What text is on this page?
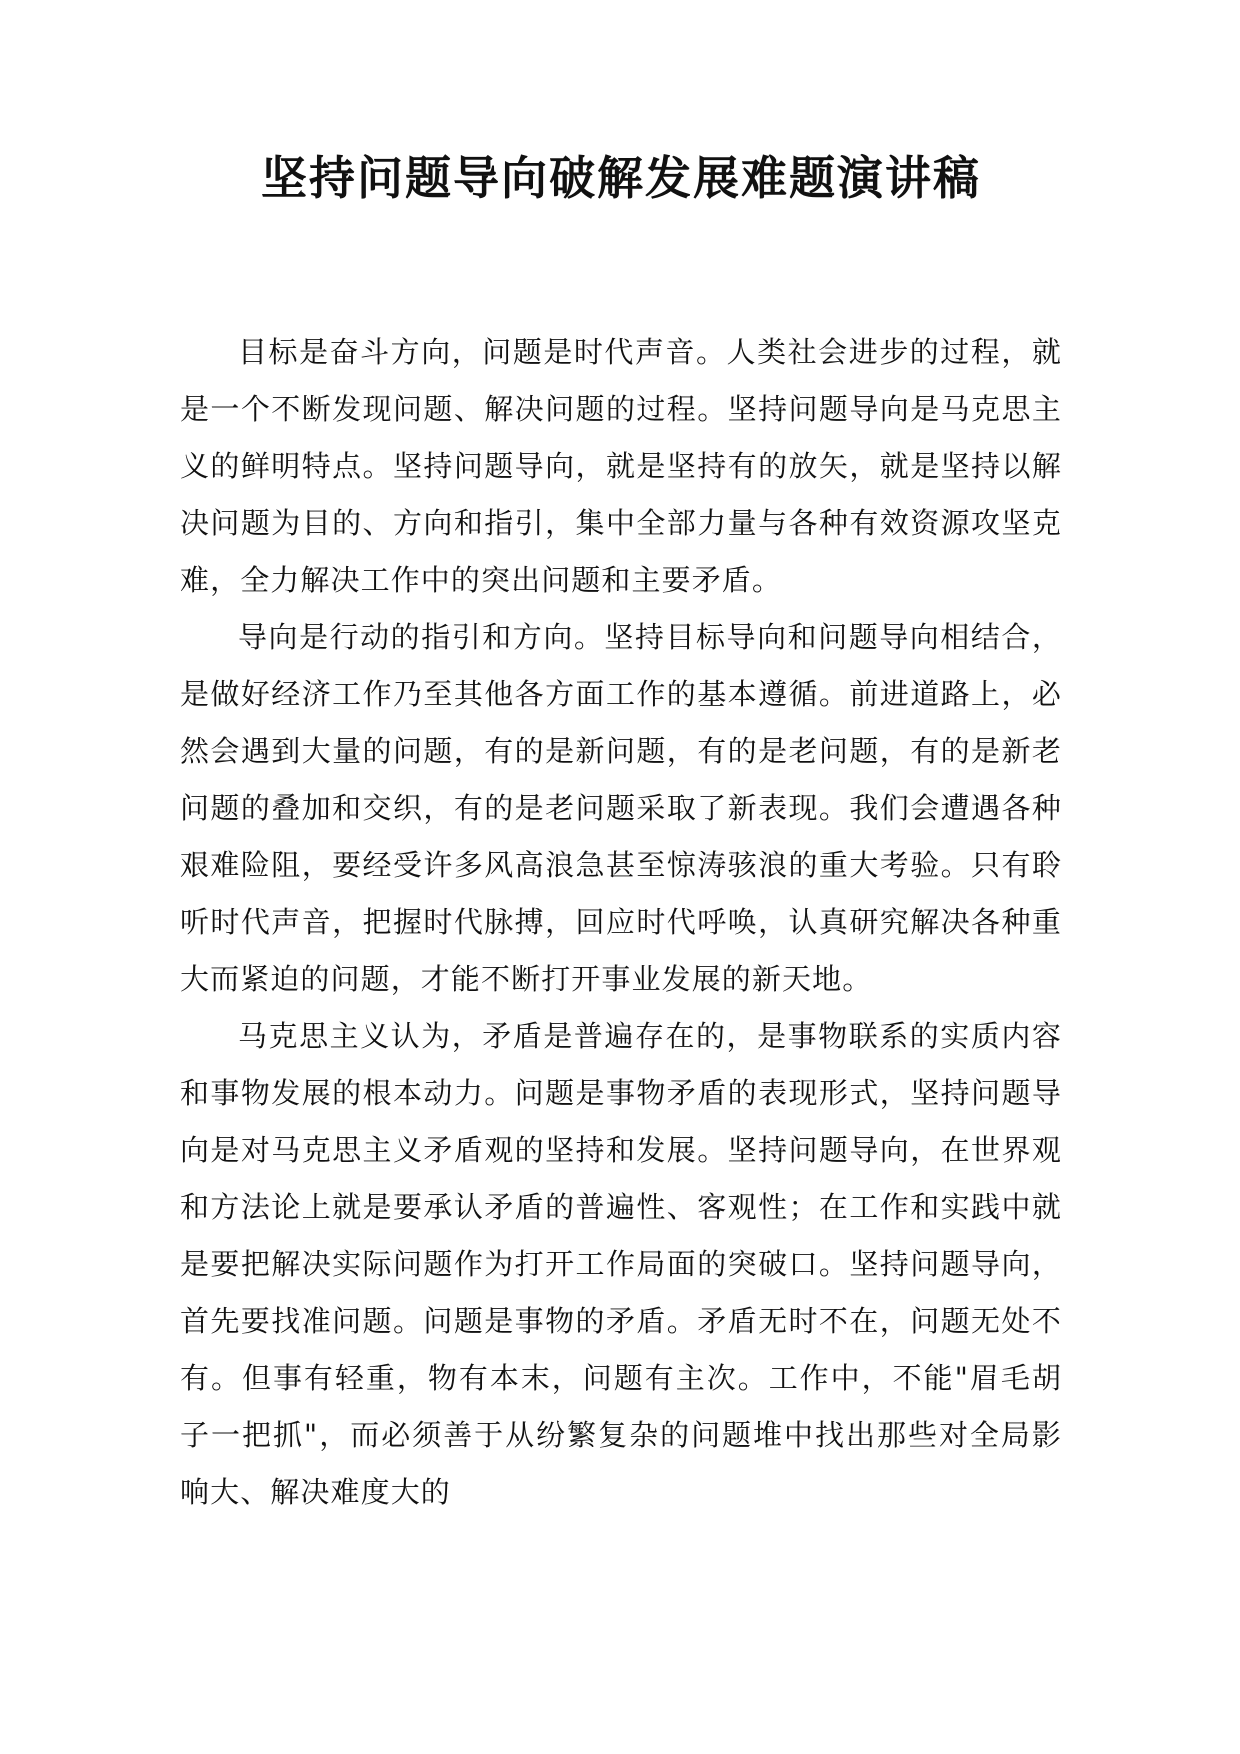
坚持问题导向破解发展难题演讲稿

目标是奋斗方向，问题是时代声音。人类社会进步的过程，就是一个不断发现问题、解决问题的过程。坚持问题导向是马克思主义的鲜明特点。坚持问题导向，就是坚持有的放矢，就是坚持以解决问题为目的、方向和指引，集中全部力量与各种有效资源攻坚克难，全力解决工作中的突出问题和主要矛盾。

导向是行动的指引和方向。坚持目标导向和问题导向相结合，是做好经济工作乃至其他各方面工作的基本遵循。前进道路上，必然会遇到大量的问题，有的是新问题，有的是老问题，有的是新老问题的叠加和交织，有的是老问题采取了新表现。我们会遭遇各种艰难险阻，要经受许多风高浪急甚至惊涛骇浪的重大考验。只有聆听时代声音，把握时代脉搏，回应时代呼唤，认真研究解决各种重大而紧迫的问题，才能不断打开事业发展的新天地。

马克思主义认为，矛盾是普遍存在的，是事物联系的实质内容和事物发展的根本动力。问题是事物矛盾的表现形式，坚持问题导向是对马克思主义矛盾观的坚持和发展。坚持问题导向，在世界观和方法论上就是要承认矛盾的普遍性、客观性；在工作和实践中就是要把解决实际问题作为打开工作局面的突破口。坚持问题导向，首先要找准问题。问题是事物的矛盾。矛盾无时不在，问题无处不有。但事有轻重，物有本末，问题有主次。工作中，不能"眉毛胡子一把抓"，而必须善于从纷繁复杂的问题堆中找出那些对全局影响大、解决难度大的
